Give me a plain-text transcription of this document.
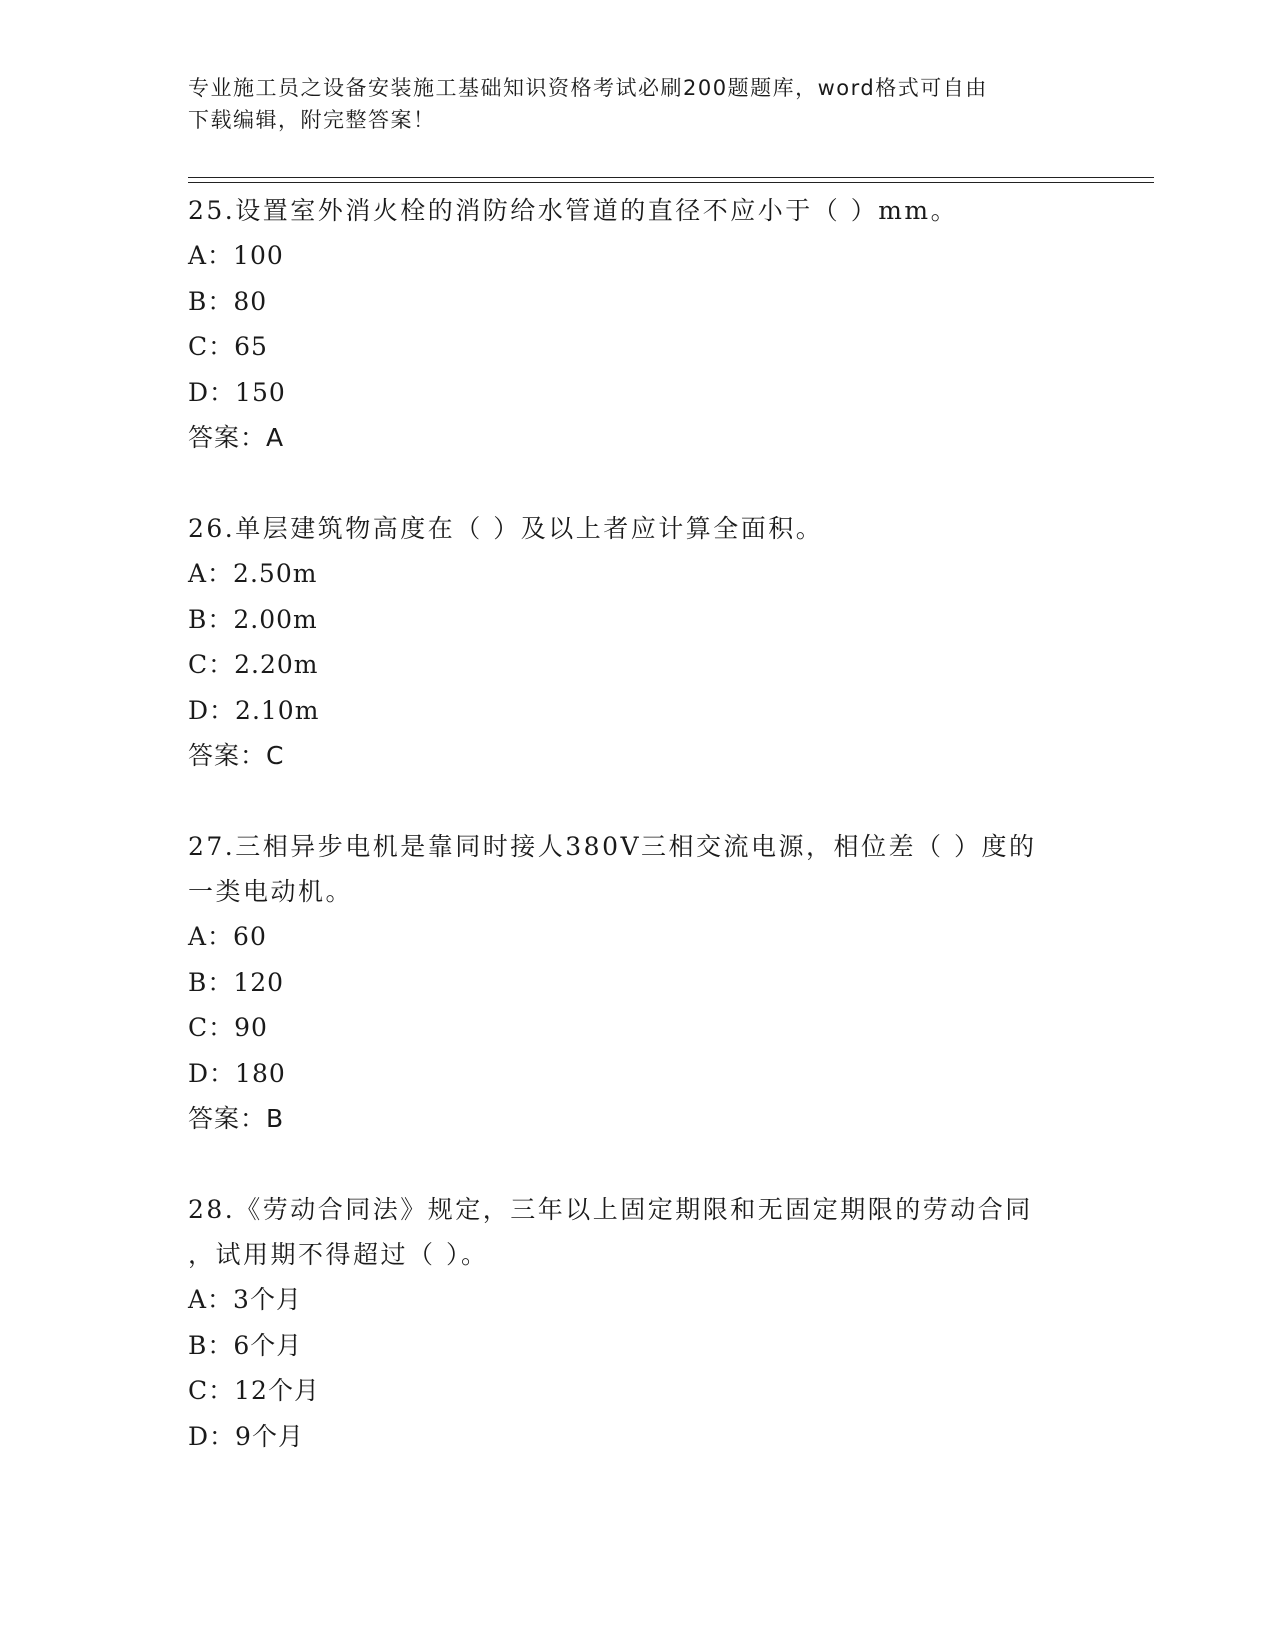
专业施工员之设备安装施工基础知识资格考试必刷200题题库，word格式可自由
下载编辑，附完整答案！

25.设置室外消火栓的消防给水管道的直径不应小于（ ）mm。

A：100

B：80

C：65

D：150

答案：A

26.单层建筑物高度在（ ）及以上者应计算全面积。

A：2.50m

B：2.00m

C：2.20m

D：2.10m

答案：C

27.三相异步电机是靠同时接人380V三相交流电源，相位差（ ）度的

一类电动机。

A：60

B：120

C：90

D：180

答案：B

28.《劳动合同法》规定，三年以上固定期限和无固定期限的劳动合同

，试用期不得超过（ ）。

A：3个月

B：6个月

C：12个月

D：9个月
